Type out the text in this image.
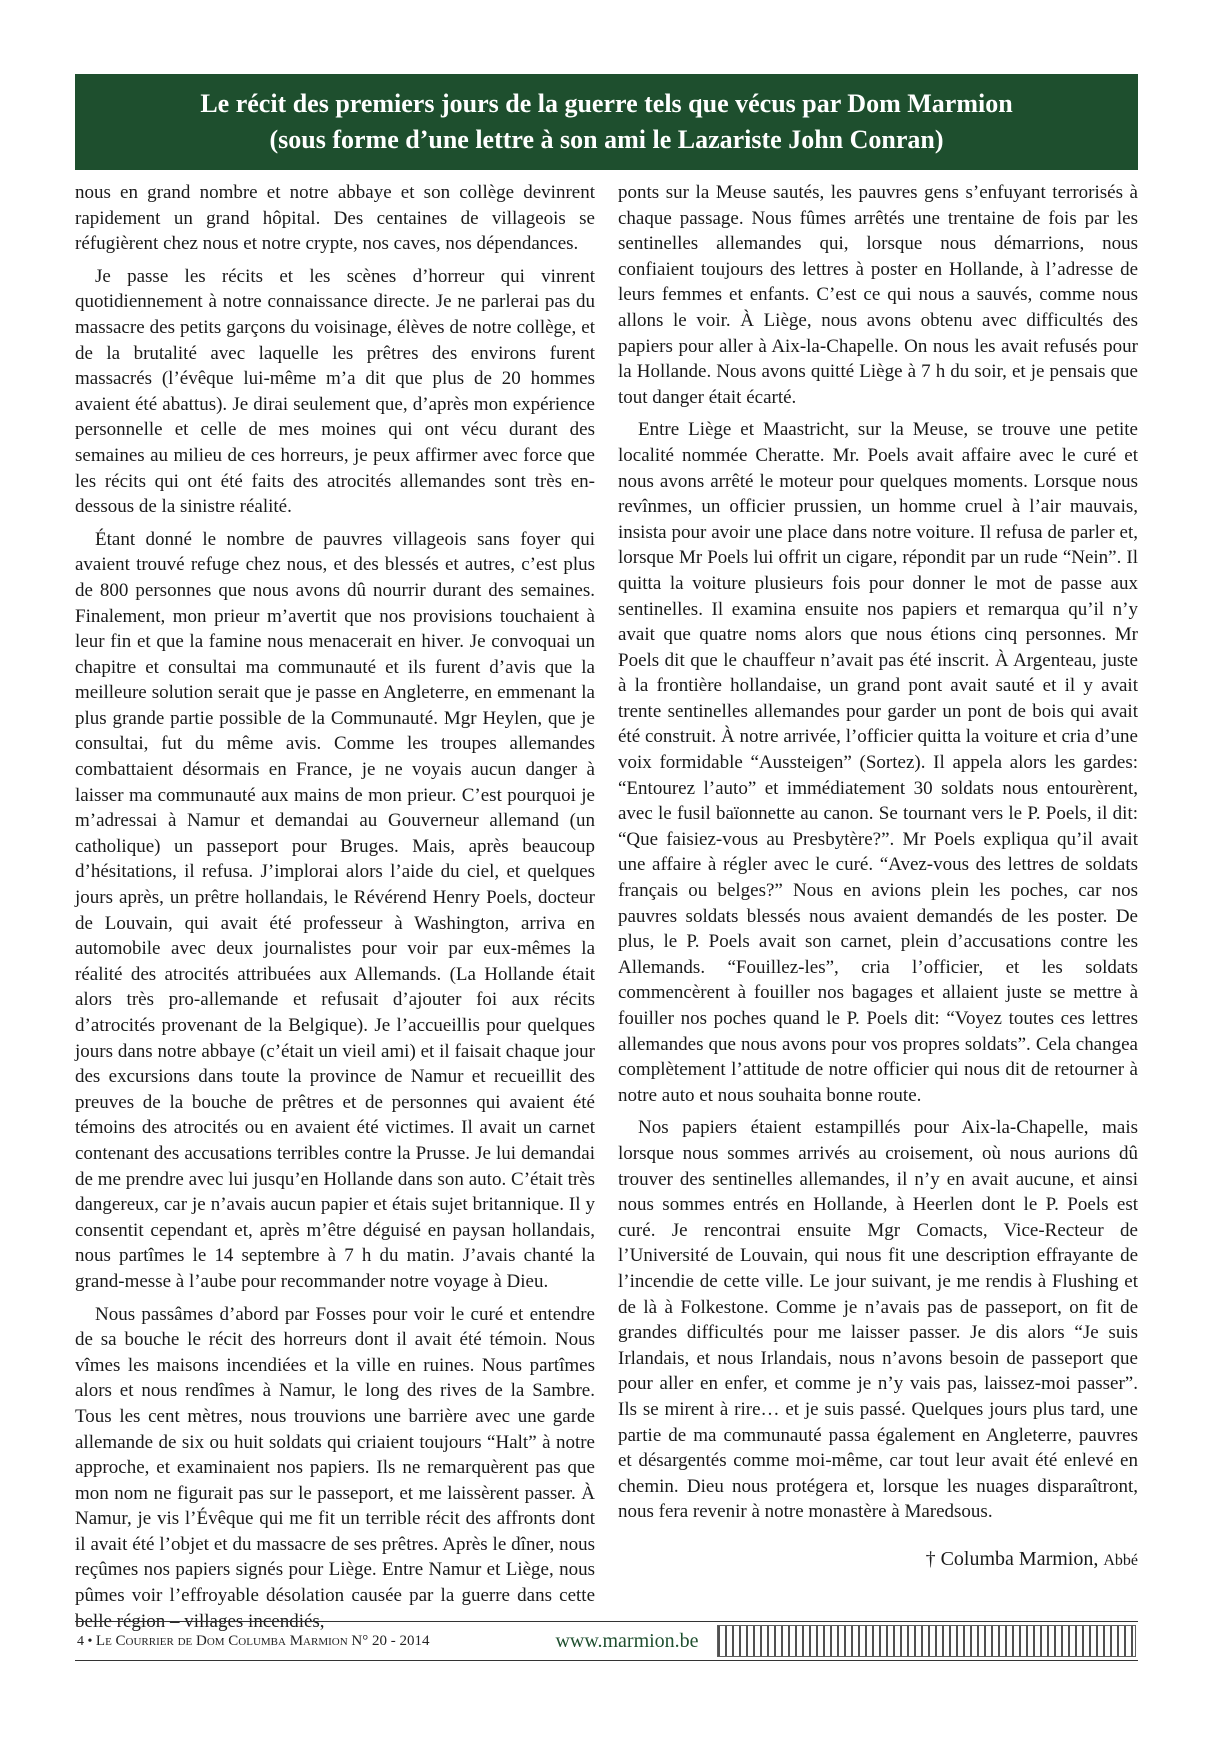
Le récit des premiers jours de la guerre tels que vécus par Dom Marmion
(sous forme d’une lettre à son ami le Lazariste John Conran)

nous en grand nombre et notre abbaye et son collège devinrent rapidement un grand hôpital. Des centaines de villageois se réfugièrent chez nous et notre crypte, nos caves, nos dépendances.

Je passe les récits et les scènes d’horreur qui vinrent quotidiennement à notre connaissance directe. Je ne parlerai pas du massacre des petits garçons du voisinage, élèves de notre collège, et de la brutalité avec laquelle les prêtres des environs furent massacrés (l’évêque lui-même m’a dit que plus de 20 hommes avaient été abattus). Je dirai seulement que, d’après mon expérience personnelle et celle de mes moines qui ont vécu durant des semaines au milieu de ces horreurs, je peux affirmer avec force que les récits qui ont été faits des atrocités allemandes sont très en-dessous de la sinistre réalité.

Étant donné le nombre de pauvres villageois sans foyer qui avaient trouvé refuge chez nous, et des blessés et autres, c’est plus de 800 personnes que nous avons dû nourrir durant des semaines. Finalement, mon prieur m’avertit que nos provisions touchaient à leur fin et que la famine nous menacerait en hiver. Je convoquai un chapitre et consultai ma communauté et ils furent d’avis que la meilleure solution serait que je passe en Angleterre, en emmenant la plus grande partie possible de la Communauté. Mgr Heylen, que je consultai, fut du même avis. Comme les troupes allemandes combattaient désormais en France, je ne voyais aucun danger à laisser ma communauté aux mains de mon prieur. C’est pourquoi je m’adressai à Namur et demandai au Gouverneur allemand (un catholique) un passeport pour Bruges. Mais, après beaucoup d’hésitations, il refusa. J’implorai alors l’aide du ciel, et quelques jours après, un prêtre hollandais, le Révérend Henry Poels, docteur de Louvain, qui avait été professeur à Washington, arriva en automobile avec deux journalistes pour voir par eux-mêmes la réalité des atrocités attribuées aux Allemands. (La Hollande était alors très pro-allemande et refusait d’ajouter foi aux récits d’atrocités provenant de la Belgique). Je l’accueillis pour quelques jours dans notre abbaye (c’était un vieil ami) et il faisait chaque jour des excursions dans toute la province de Namur et recueillit des preuves de la bouche de prêtres et de personnes qui avaient été témoins des atrocités ou en avaient été victimes. Il avait un carnet contenant des accusations terribles contre la Prusse. Je lui demandai de me prendre avec lui jusqu’en Hollande dans son auto. C’était très dangereux, car je n’avais aucun papier et étais sujet britannique. Il y consentit cependant et, après m’être déguisé en paysan hollandais, nous partîmes le 14 septembre à 7 h du matin. J’avais chanté la grand-messe à l’aube pour recommander notre voyage à Dieu.

Nous passâmes d’abord par Fosses pour voir le curé et entendre de sa bouche le récit des horreurs dont il avait été témoin. Nous vîmes les maisons incendiées et la ville en ruines. Nous partîmes alors et nous rendîmes à Namur, le long des rives de la Sambre. Tous les cent mètres, nous trouvions une barrière avec une garde allemande de six ou huit soldats qui criaient toujours “Halt” à notre approche, et examinaient nos papiers. Ils ne remarquèrent pas que mon nom ne figurait pas sur le passeport, et me laissèrent passer. À Namur, je vis l’Évêque qui me fit un terrible récit des affronts dont il avait été l’objet et du massacre de ses prêtres. Après le dîner, nous reçûmes nos papiers signés pour Liège. Entre Namur et Liège, nous pûmes voir l’effroyable désolation causée par la guerre dans cette belle région – villages incendiés,

ponts sur la Meuse sautés, les pauvres gens s’enfuyant terrorisés à chaque passage. Nous fûmes arrêtés une trentaine de fois par les sentinelles allemandes qui, lorsque nous démarrions, nous confiaient toujours des lettres à poster en Hollande, à l’adresse de leurs femmes et enfants. C’est ce qui nous a sauvés, comme nous allons le voir. À Liège, nous avons obtenu avec difficultés des papiers pour aller à Aix-la-Chapelle. On nous les avait refusés pour la Hollande. Nous avons quitté Liège à 7 h du soir, et je pensais que tout danger était écarté.

Entre Liège et Maastricht, sur la Meuse, se trouve une petite localité nommée Cheratte. Mr. Poels avait affaire avec le curé et nous avons arrêté le moteur pour quelques moments. Lorsque nous revînmes, un officier prussien, un homme cruel à l’air mauvais, insista pour avoir une place dans notre voiture. Il refusa de parler et, lorsque Mr Poels lui offrit un cigare, répondit par un rude “Nein”. Il quitta la voiture plusieurs fois pour donner le mot de passe aux sentinelles. Il examina ensuite nos papiers et remarqua qu’il n’y avait que quatre noms alors que nous étions cinq personnes. Mr Poels dit que le chauffeur n’avait pas été inscrit. À Argenteau, juste à la frontière hollandaise, un grand pont avait sauté et il y avait trente sentinelles allemandes pour garder un pont de bois qui avait été construit. À notre arrivée, l’officier quitta la voiture et cria d’une voix formidable “Aussteigen” (Sortez). Il appela alors les gardes: “Entourez l’auto” et immédiatement 30 soldats nous entourèrent, avec le fusil baïonnette au canon. Se tournant vers le P. Poels, il dit: “Que faisiez-vous au Presbytère?”. Mr Poels expliqua qu’il avait une affaire à régler avec le curé. “Avez-vous des lettres de soldats français ou belges?” Nous en avions plein les poches, car nos pauvres soldats blessés nous avaient demandés de les poster. De plus, le P. Poels avait son carnet, plein d’accusations contre les Allemands. “Fouillez-les”, cria l’officier, et les soldats commencèrent à fouiller nos bagages et allaient juste se mettre à fouiller nos poches quand le P. Poels dit: “Voyez toutes ces lettres allemandes que nous avons pour vos propres soldats”. Cela changea complètement l’attitude de notre officier qui nous dit de retourner à notre auto et nous souhaita bonne route.

Nos papiers étaient estampillés pour Aix-la-Chapelle, mais lorsque nous sommes arrivés au croisement, où nous aurions dû trouver des sentinelles allemandes, il n’y en avait aucune, et ainsi nous sommes entrés en Hollande, à Heerlen dont le P. Poels est curé. Je rencontrai ensuite Mgr Comacts, Vice-Recteur de l’Université de Louvain, qui nous fit une description effrayante de l’incendie de cette ville. Le jour suivant, je me rendis à Flushing et de là à Folkestone. Comme je n’avais pas de passeport, on fit de grandes difficultés pour me laisser passer. Je dis alors “Je suis Irlandais, et nous Irlandais, nous n’avons besoin de passeport que pour aller en enfer, et comme je n’y vais pas, laissez-moi passer”. Ils se mirent à rire… et je suis passé. Quelques jours plus tard, une partie de ma communauté passa également en Angleterre, pauvres et désargentés comme moi-même, car tout leur avait été enlevé en chemin. Dieu nous protégera et, lorsque les nuages disparaîtront, nous fera revenir à notre monastère à Maredsous.

† Columba Marmion, Abbé
4 • Le Courrier de Dom Columba Marmion N° 20 - 2014	www.marmion.be
